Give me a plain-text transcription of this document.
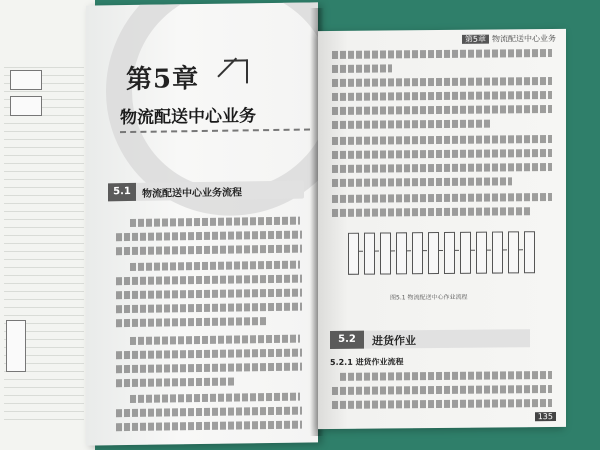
第5章
物流配送中心业务
5.1	物流配送中心业务流程
第5章 物流配送中心业务
图5.1 物流配送中心作业流程
5.2	进货作业
5.2.1 进货作业流程
135
